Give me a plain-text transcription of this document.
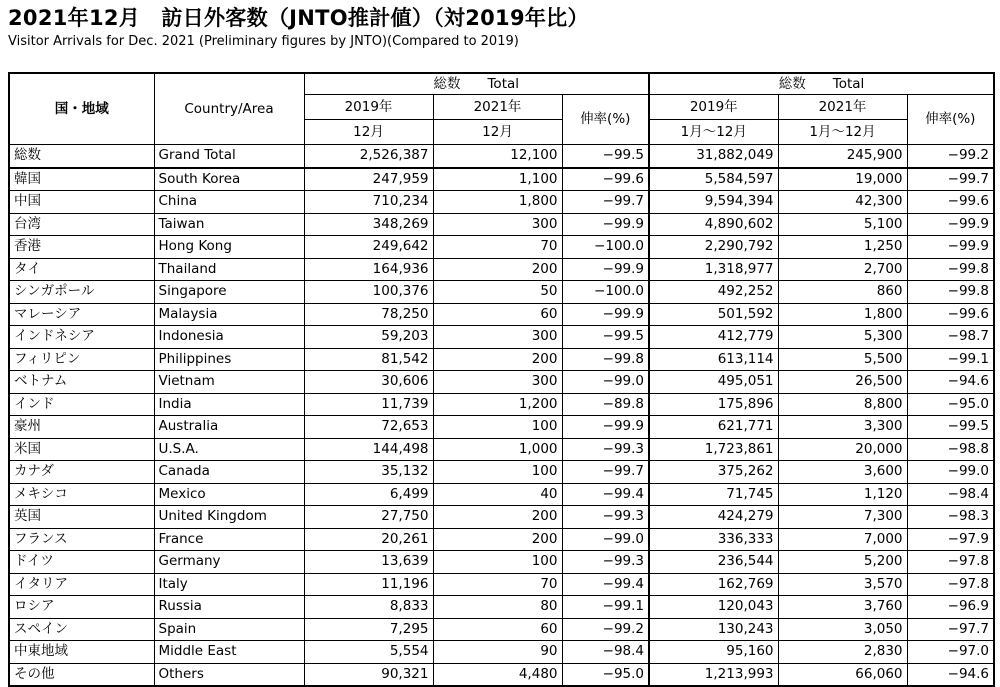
2021年12月　訪日外客数（JNTO推計値）（対2019年比）
Visitor Arrivals for Dec. 2021 (Preliminary figures by JNTO)(Compared to 2019)
国・地域	Country/Area	総数　　Total			総数　　Total		
		2019年	2021年	伸率(%)	2019年	2021年	伸率(%)
		12月	12月		1月～12月	1月～12月	
総数	Grand Total	2,526,387	12,100	−99.5	31,882,049	245,900	−99.2
韓国	South Korea	247,959	1,100	−99.6	5,584,597	19,000	−99.7
中国	China	710,234	1,800	−99.7	9,594,394	42,300	−99.6
台湾	Taiwan	348,269	300	−99.9	4,890,602	5,100	−99.9
香港	Hong Kong	249,642	70	−100.0	2,290,792	1,250	−99.9
タイ	Thailand	164,936	200	−99.9	1,318,977	2,700	−99.8
シンガポール	Singapore	100,376	50	−100.0	492,252	860	−99.8
マレーシア	Malaysia	78,250	60	−99.9	501,592	1,800	−99.6
インドネシア	Indonesia	59,203	300	−99.5	412,779	5,300	−98.7
フィリピン	Philippines	81,542	200	−99.8	613,114	5,500	−99.1
ベトナム	Vietnam	30,606	300	−99.0	495,051	26,500	−94.6
インド	India	11,739	1,200	−89.8	175,896	8,800	−95.0
豪州	Australia	72,653	100	−99.9	621,771	3,300	−99.5
米国	U.S.A.	144,498	1,000	−99.3	1,723,861	20,000	−98.8
カナダ	Canada	35,132	100	−99.7	375,262	3,600	−99.0
メキシコ	Mexico	6,499	40	−99.4	71,745	1,120	−98.4
英国	United Kingdom	27,750	200	−99.3	424,279	7,300	−98.3
フランス	France	20,261	200	−99.0	336,333	7,000	−97.9
ドイツ	Germany	13,639	100	−99.3	236,544	5,200	−97.8
イタリア	Italy	11,196	70	−99.4	162,769	3,570	−97.8
ロシア	Russia	8,833	80	−99.1	120,043	3,760	−96.9
スペイン	Spain	7,295	60	−99.2	130,243	3,050	−97.7
中東地域	Middle East	5,554	90	−98.4	95,160	2,830	−97.0
その他	Others	90,321	4,480	−95.0	1,213,993	66,060	−94.6
